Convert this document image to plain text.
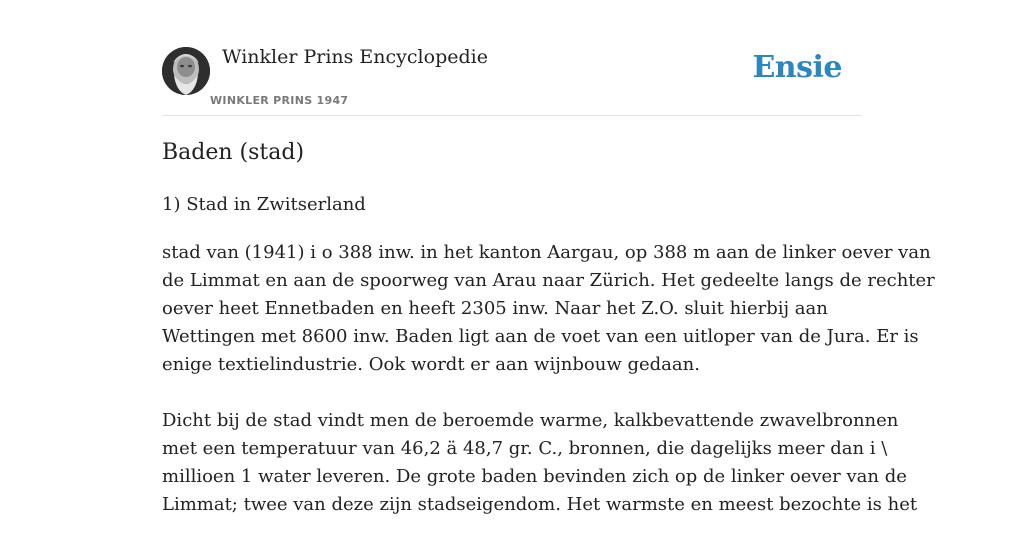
Winkler Prins Encyclopedie
WINKLER PRINS 1947
Ensie
Baden (stad)
1) Stad in Zwitserland

stad van (1941) i o 388 inw. in het kanton Aargau, op 388 m aan de linker oever van
de Limmat en aan de spoorweg van Arau naar Zürich. Het gedeelte langs de rechter
oever heet Ennetbaden en heeft 2305 inw. Naar het Z.O. sluit hierbij aan
Wettingen met 8600 inw. Baden ligt aan de voet van een uitloper van de Jura. Er is
enige textielindustrie. Ook wordt er aan wijnbouw gedaan.

Dicht bij de stad vindt men de beroemde warme, kalkbevattende zwavelbronnen
met een temperatuur van 46,2 ä 48,7 gr. C., bronnen, die dagelijks meer dan i \
millioen 1 water leveren. De grote baden bevinden zich op de linker oever van de
Limmat; twee van deze zijn stadseigendom. Het warmste en meest bezochte is het
